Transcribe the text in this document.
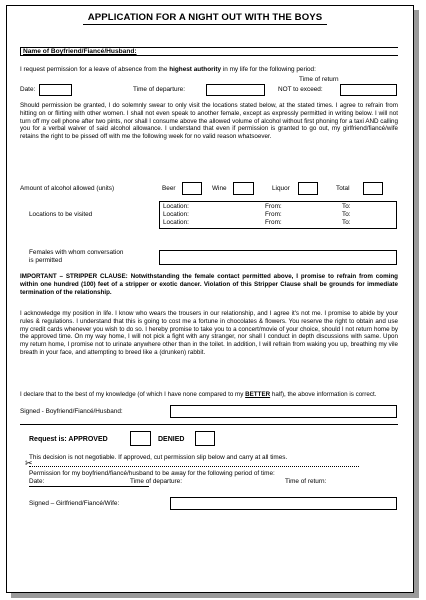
APPLICATION FOR A NIGHT OUT WITH THE BOYS
Name of Boyfriend/Fiancé/Husband:
I request permission for a leave of absence from the highest authority in my life for the following period:
Time of return
Date:	Time of departure:	NOT to exceed:
Should permission be granted, I do solemnly swear to only visit the locations stated below, at the stated times. I agree to refrain from hitting on or flirting with other women. I shall not even speak to another female, except as expressly permitted in writing below. I will not turn off my cell phone after two pints, nor shall I consume above the allowed volume of alcohol without first phoning for a taxi AND calling you for a verbal waiver of said alcohol allowance. I understand that even if permission is granted to go out, my girlfriend/fiancé/wife retains the right to be pissed off with me the following week for no valid reason whatsoever.
Amount of alcohol allowed (units)	Beer	Wine	Liquor	Total
Locations to be visited
Location:	From:	To:
Location:	From:	To:
Location:	From:	To:
Females with whom conversation
is permitted
IMPORTANT – STRIPPER CLAUSE: Notwithstanding the female contact permitted above, I promise to refrain from coming within one hundred (100) feet of a stripper or exotic dancer. Violation of this Stripper Clause shall be grounds for immediate termination of the relationship.
I acknowledge my position in life. I know who wears the trousers in our relationship, and I agree it's not me. I promise to abide by your rules & regulations. I understand that this is going to cost me a fortune in chocolates & flowers. You reserve the right to obtain and use my credit cards whenever you wish to do so. I hereby promise to take you to a concert/movie of your choice, should I not return home by the approved time. On my way home, I will not pick a fight with any stranger, nor shall I conduct in depth discussions with same. Upon my return home, I promise not to urinate anywhere other than in the toilet. In addition, I will refrain from waking you up, breathing my vile breath in your face, and attempting to breed like a (drunken) rabbit.
I declare that to the best of my knowledge (of which I have none compared to my BETTER half), the above information is correct.
Signed - Boyfriend/Fiancé/Husband:
Request is: APPROVED	DENIED
This decision is not negotiable. If approved, cut permission slip below and carry at all times.
✂
Permission for my boyfriend/fiancé/husband to be away for the following period of time:
Date:	Time of departure:	Time of return:
Signed – Girlfriend/Fiancé/Wife:
